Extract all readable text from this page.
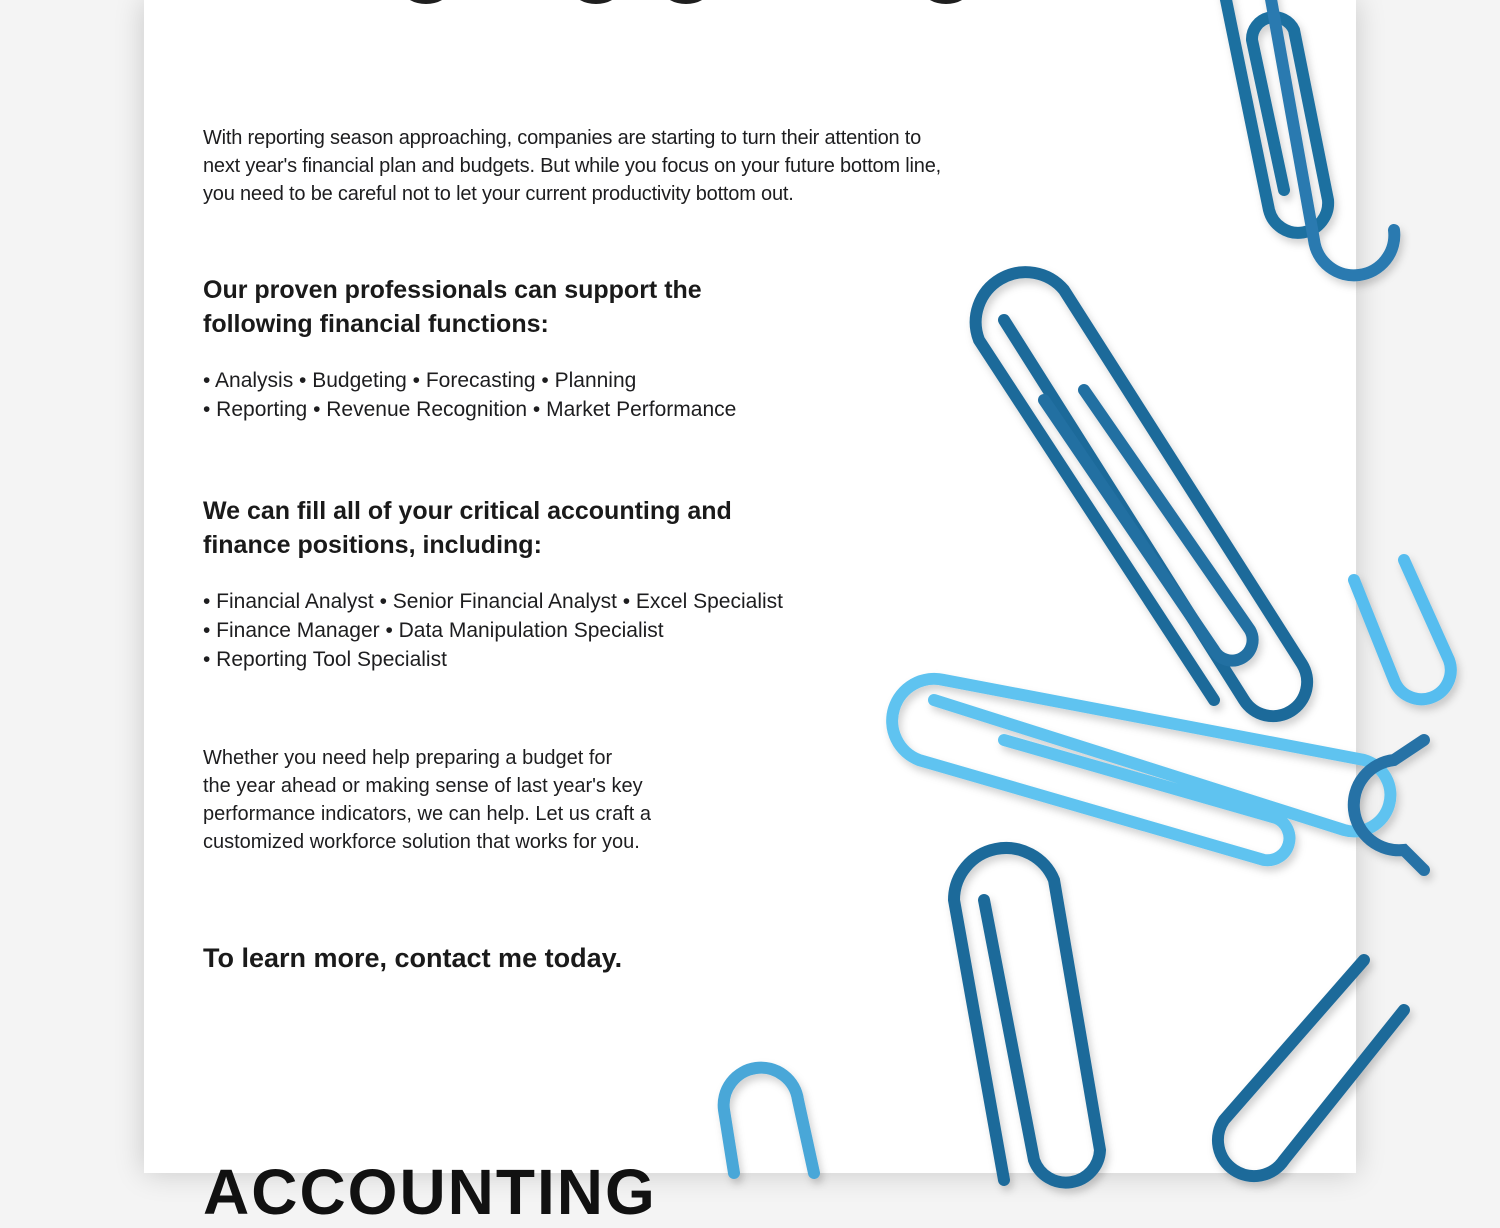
With reporting season approaching, companies are starting to turn their attention to next year's financial plan and budgets. But while you focus on your future bottom line, you need to be careful not to let your current productivity bottom out.

Our proven professionals can support the
following financial functions:
• Analysis • Budgeting • Forecasting • Planning
• Reporting • Revenue Recognition • Market Performance
We can fill all of your critical accounting and
finance positions, including:
• Financial Analyst • Senior Financial Analyst • Excel Specialist
• Finance Manager • Data Manipulation Specialist
• Reporting Tool Specialist

Whether you need help preparing a budget for
the year ahead or making sense of last year's key
performance indicators, we can help. Let us craft a
customized workforce solution that works for you.

To learn more, contact me today.

ACCOUNTING
